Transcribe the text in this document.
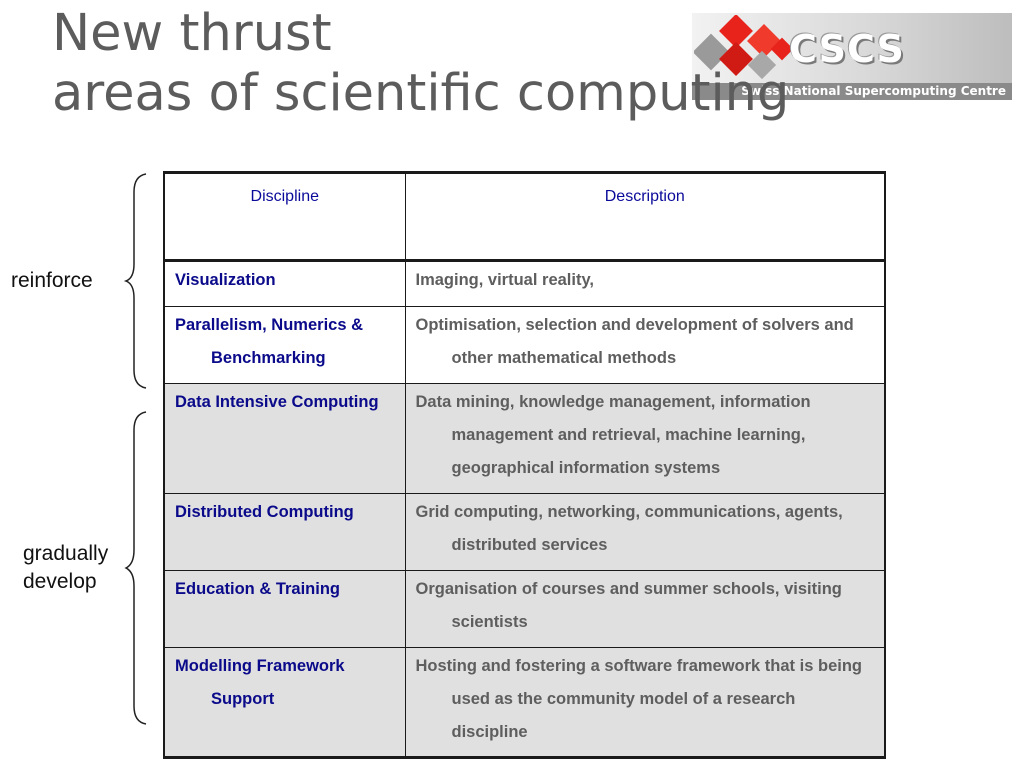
New thrust
areas of scientific computing
CSCS
Swiss National Supercomputing Centre
reinforce
gradually
develop
Discipline	Description

Visualization	Imaging, virtual reality,

Parallelism, Numerics & Benchmarking	Optimisation, selection and development of solvers and other mathematical methods

Data Intensive Computing	Data mining, knowledge management, information management and retrieval, machine learning, geographical information systems

Distributed Computing	Grid computing, networking, communications, agents, distributed services

Education & Training	Organisation of courses and summer schools, visiting scientists

Modelling Framework Support	Hosting and fostering a software framework that is being used as the community model of a research discipline
